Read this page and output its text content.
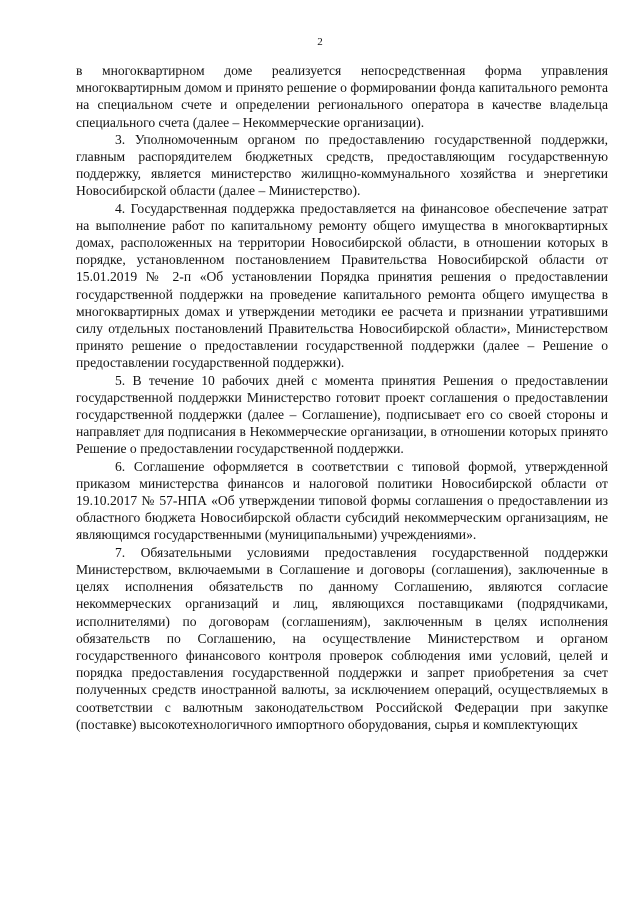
2

в многоквартирном доме реализуется непосредственная форма управления многоквартирным домом и принято решение о формировании фонда капитального ремонта на специальном счете и определении регионального оператора в качестве владельца специального счета (далее – Некоммерческие организации).

3. Уполномоченным органом по предоставлению государственной поддержки, главным распорядителем бюджетных средств, предоставляющим государственную поддержку, является министерство жилищно-коммунального хозяйства и энергетики Новосибирской области (далее – Министерство).

4. Государственная поддержка предоставляется на финансовое обеспечение затрат на выполнение работ по капитальному ремонту общего имущества в многоквартирных домах, расположенных на территории Новосибирской области, в отношении которых в порядке, установленном постановлением Правительства Новосибирской области от 15.01.2019 № 2-п «Об установлении Порядка принятия решения о предоставлении государственной поддержки на проведение капитального ремонта общего имущества в многоквартирных домах и утверждении методики ее расчета и признании утратившими силу отдельных постановлений Правительства Новосибирской области», Министерством принято решение о предоставлении государственной поддержки (далее – Решение о предоставлении государственной поддержки).

5. В течение 10 рабочих дней с момента принятия Решения о предоставлении государственной поддержки Министерство готовит проект соглашения о предоставлении государственной поддержки (далее – Соглашение), подписывает его со своей стороны и направляет для подписания в Некоммерческие организации, в отношении которых принято Решение о предоставлении государственной поддержки.

6. Соглашение оформляется в соответствии с типовой формой, утвержденной приказом министерства финансов и налоговой политики Новосибирской области от 19.10.2017 № 57-НПА «Об утверждении типовой формы соглашения о предоставлении из областного бюджета Новосибирской области субсидий некоммерческим организациям, не являющимся государственными (муниципальными) учреждениями».

7. Обязательными условиями предоставления государственной поддержки Министерством, включаемыми в Соглашение и договоры (соглашения), заключенные в целях исполнения обязательств по данному Соглашению, являются согласие некоммерческих организаций и лиц, являющихся поставщиками (подрядчиками, исполнителями) по договорам (соглашениям), заключенным в целях исполнения обязательств по Соглашению, на осуществление Министерством и органом государственного финансового контроля проверок соблюдения ими условий, целей и порядка предоставления государственной поддержки и запрет приобретения за счет полученных средств иностранной валюты, за исключением операций, осуществляемых в соответствии с валютным законодательством Российской Федерации при закупке (поставке) высокотехнологичного импортного оборудования, сырья и комплектующих
